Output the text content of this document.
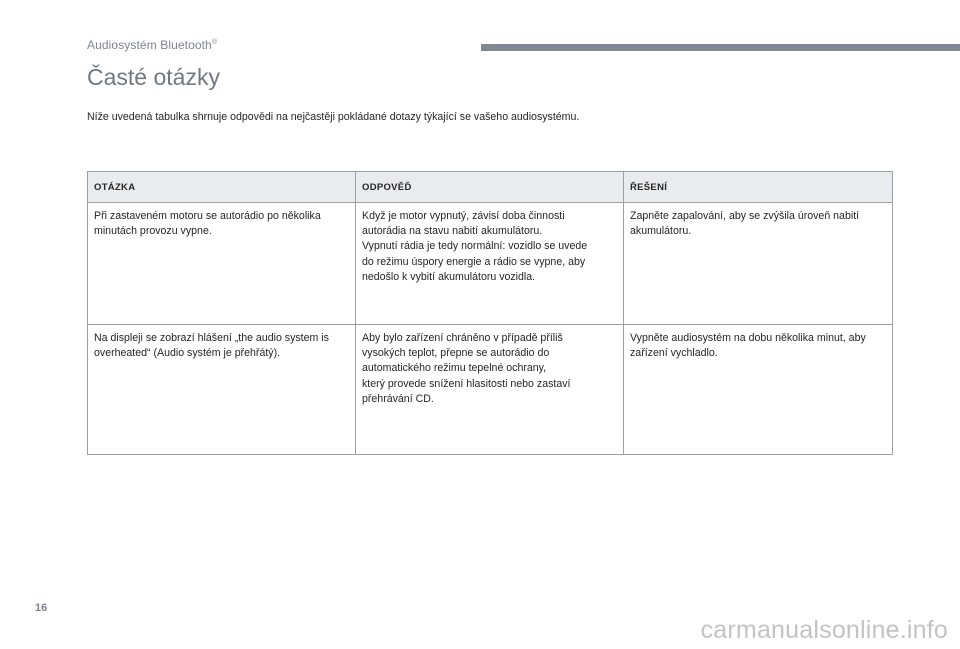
Audiosystém Bluetooth®
Časté otázky

Níže uvedená tabulka shrnuje odpovědi na nejčastěji pokládané dotazy týkající se vašeho audiosystému.

OTÁZKA	ODPOVĚĎ	ŘEŠENÍ
Při zastaveném motoru se autorádio po několika minutách provozu vypne.	Když je motor vypnutý, závisí doba činnosti
autorádia na stavu nabití akumulátoru.
Vypnutí rádia je tedy normální: vozidlo se uvede
do režimu úspory energie a rádio se vypne, aby
nedošlo k vybití akumulátoru vozidla.	Zapněte zapalování, aby se zvýšila úroveň nabití akumulátoru.
Na displeji se zobrazí hlášení „the audio system is overheated“ (Audio systém je přehřátý).	Aby bylo zařízení chráněno v případě příliš
vysokých teplot, přepne se autorádio do
automatického režimu tepelné ochrany,
který provede snížení hlasitosti nebo zastaví
přehrávání CD.	Vypněte audiosystém na dobu několika minut, aby zařízení vychladlo.
16
carmanualsonline.info
